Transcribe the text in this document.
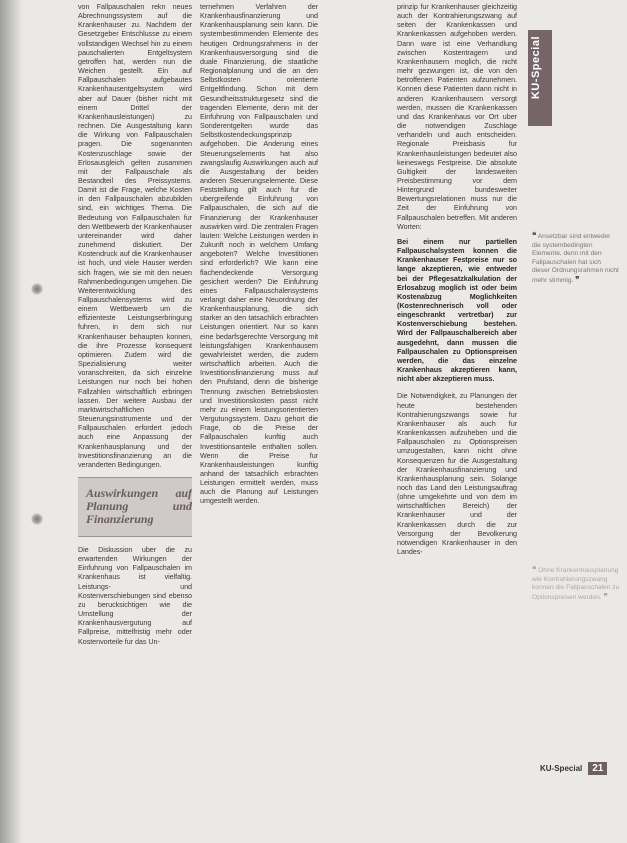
von Fallpauschalen rekn neues Abrechnungssystem auf die Krankenhauser zu. Nachdem der Gesetzgeber Entschlusse zu einem vollstandigen Wechsel hin zu einem pauschalierten Entgeltsystem getroffen hat, werden nun die Weichen gestellt. Ein auf Fallpauschalen aufgebautes Krankenhausentgeltsystem wird aber auf Dauer (bisher nicht mit einem Drittel der Krankenhausleistungen) zu rechnen. Die Ausgestaltung kann die Wirkung von Fallpauschalen pragen. Die sogenannten Kostenzuschlage sowie der Erlosausgleich gelten zusammen mit der Fallpauschale als Bestandteil des Preissystems. Damit ist die Frage, welche Kosten in den Fallpauschalen abzubilden sind, ein wichtiges Thema. Die Bedeutung von Fallpauschalen fur den Wettbewerb der Krankenhauser untereinander wird daher zunehmend diskutiert. Der Kostendruck auf die Krankenhauser ist hoch, und viele Hauser werden sich fragen, wie sie mit den neuen Rahmenbedingungen umgehen. Die Weiterentwicklung des Fallpauschalensystems wird zu einem Wettbewerb um die effizienteste Leistungserbringung fuhren, in dem sich nur Krankenhauser behaupten konnen, die ihre Prozesse konsequent optimieren. Zudem wird die Spezialisierung weiter voranschreiten, da sich einzelne Leistungen nur noch bei hohen Fallzahlen wirtschaftlich erbringen lassen. Der weitere Ausbau der marktwirtschaftlichen Steuerungsinstrumente und der Fallpauschalen erfordert jedoch auch eine Anpassung der Krankenhausplanung und der Investitionsfinanzierung an die veranderten Bedingungen.

Auswirkungen auf Planung und Finanzierung

Die Diskussion uber die zu erwartenden Wirkungen der Einfuhrung von Fallpauschalen im Krankenhaus ist vielfaltig. Leistungs- und Kostenverschiebungen sind ebenso zu berucksichtigen wie die Umstellung der Krankenhausvergutung auf Fallpreise, mittelfristig mehr oder Kostenvorteile fur das Un-

ternehmen Verfahren der Krankenhausfinanzierung und Krankenhausplanung sein kann. Die systembestimmenden Elemente des heutigen Ordnungsrahmens in der Krankenhausversorgung sind die duale Finanzierung, die staatliche Regionalplanung und die an den Selbstkosten orientierte Entgeltfindung. Schon mit dem Gesundheitsstrukturgesetz sind die tragenden Elemente, denn mit der Einfuhrung von Fallpauschalen und Sonderentgelten wurde das Selbstkostendeckungsprinzip aufgehoben. Die Anderung eines Steuerungselements hat also zwangslaufig Auswirkungen auch auf die Ausgestaltung der beiden anderen Steuerungselemente. Diese Feststellung gilt auch fur die ubergreifende Einfuhrung von Fallpauschalen, die sich auf die Finanzierung der Krankenhauser auswirken wird. Die zentralen Fragen lauten: Welche Leistungen werden in Zukunft noch in welchem Umfang angeboten? Welche Investitionen sind erforderlich? Wie kann eine flachendeckende Versorgung gesichert werden? Die Einfuhrung eines Fallpauschalensystems verlangt daher eine Neuordnung der Krankenhausplanung, die sich starker an den tatsachlich erbrachten Leistungen orientiert. Nur so kann eine bedarfsgerechte Versorgung mit leistungsfahigen Krankenhausern gewahrleistet werden, die zudem wirtschaftlich arbeiten. Auch die Investitionsfinanzierung muss auf den Prufstand, denn die bisherige Trennung zwischen Betriebskosten und Investitionskosten passt nicht mehr zu einem leistungsorientierten Vergutungssystem. Dazu gehort die Frage, ob die Preise der Fallpauschalen kunftig auch Investitionsanteile enthalten sollen. Wenn die Preise fur Krankenhausleistungen kunftig anhand der tatsachlich erbrachten Leistungen ermittelt werden, muss auch die Planung auf Leistungen umgestellt werden.

prinzip fur Krankenhauser gleichzeitig auch der Kontrahierungszwang auf seiten der Krankenkassen und Krankenkassen aufgehoben werden. Dann ware ist eine Verhandlung zwischen Kostentragern und Krankenhausern moglich, die nicht mehr gezwungen ist, die von den betroffenen Patienten aufzunehmen. Konnen diese Patienten dann nicht in anderen Krankenhausern versorgt werden, mussen die Krankenkassen und das Krankenhaus vor Ort uber die notwendigen Zuschlage verhandeln und auch entscheiden. Regionale Preisbasis fur Krankenhausleistungen bedeutet also keineswegs Festpreise. Die absolute Gultigkeit der landesweiten Preisbestimmung vor dem Hintergrund bundesweiter Bewertungsrelationen muss nur die Zeit der Einfuhrung von Fallpauschalen betreffen. Mit anderen Worten:

Bei einem nur partiellen Fallpauschalsystem konnen die Krankenhauser Festpreise nur so lange akzeptieren, wie entweder bei der Pflegesatzkalkulation der Erlosabzug moglich ist oder beim Kostenabzug Moglichkeiten (Kostenrechnerisch voll oder eingeschrankt vertretbar) zur Kostenverschiebung bestehen. Wird der Fallpauschalbereich aber ausgedehnt, dann mussen die Fallpauschalen zu Optionspreisen werden, die das einzelne Krankenhaus akzeptieren kann, nicht aber akzeptieren muss.

Die Notwendigkeit, zu Planungen der heute bestehenden Kontrahierungszwangs sowie fur Krankenhauser als auch fur Krankenkassen aufzuheben und die Fallpauschalen zu Optionspreisen umzugestalten, kann nicht ohne Konsequenzen fur die Ausgestaltung der Krankenhausfinanzierung und Krankenhausplanung sein. Solange noch das Land den Leistungsauftrag (ohne umgekehrte und von dem im wirtschaftlichen Bereich) der Krankenhauser und der Krankenkassen durch die zur Versorgung der Bevolkerung notwendigen Krankenhauser in den Landes-

KU-Special
❝ Ansetzbar sind entweder die systembedingten Elemente, denn mit den Fallpauschalen hat sich dieser Ordnungsrahmen nicht mehr stimmig. ❞
❝ Ohne Krankenhausplanung wie Kontrahierungszwang konnen die Fallpauschalen zu Optionspreisen werden. ❞
KU-Special	21
